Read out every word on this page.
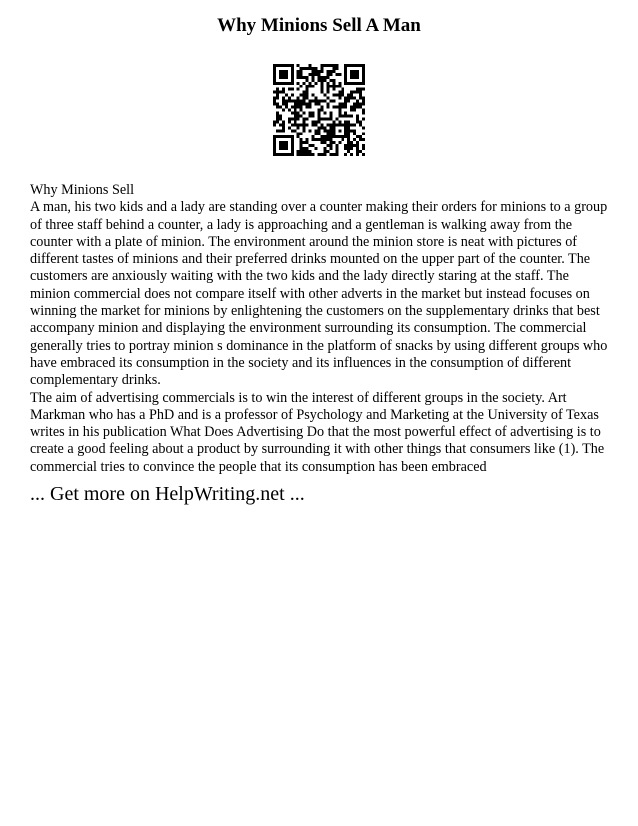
Why Minions Sell A Man

Why Minions Sell

A man, his two kids and a lady are standing over a counter making their orders for minions to a group of three staff behind a counter, a lady is approaching and a gentleman is walking away from the counter with a plate of minion. The environment around the minion store is neat with pictures of different tastes of minions and their preferred drinks mounted on the upper part of the counter. The customers are anxiously waiting with the two kids and the lady directly staring at the staff. The minion commercial does not compare itself with other adverts in the market but instead focuses on winning the market for minions by enlightening the customers on the supplementary drinks that best accompany minion and displaying the environment surrounding its consumption. The commercial generally tries to portray minion s dominance in the platform of snacks by using different groups who have embraced its consumption in the society and its influences in the consumption of different complementary drinks.

The aim of advertising commercials is to win the interest of different groups in the society. Art Markman who has a PhD and is a professor of Psychology and Marketing at the University of Texas writes in his publication What Does Advertising Do that the most powerful effect of advertising is to create a good feeling about a product by surrounding it with other things that consumers like (1). The commercial tries to convince the people that its consumption has been embraced

... Get more on HelpWriting.net ...
